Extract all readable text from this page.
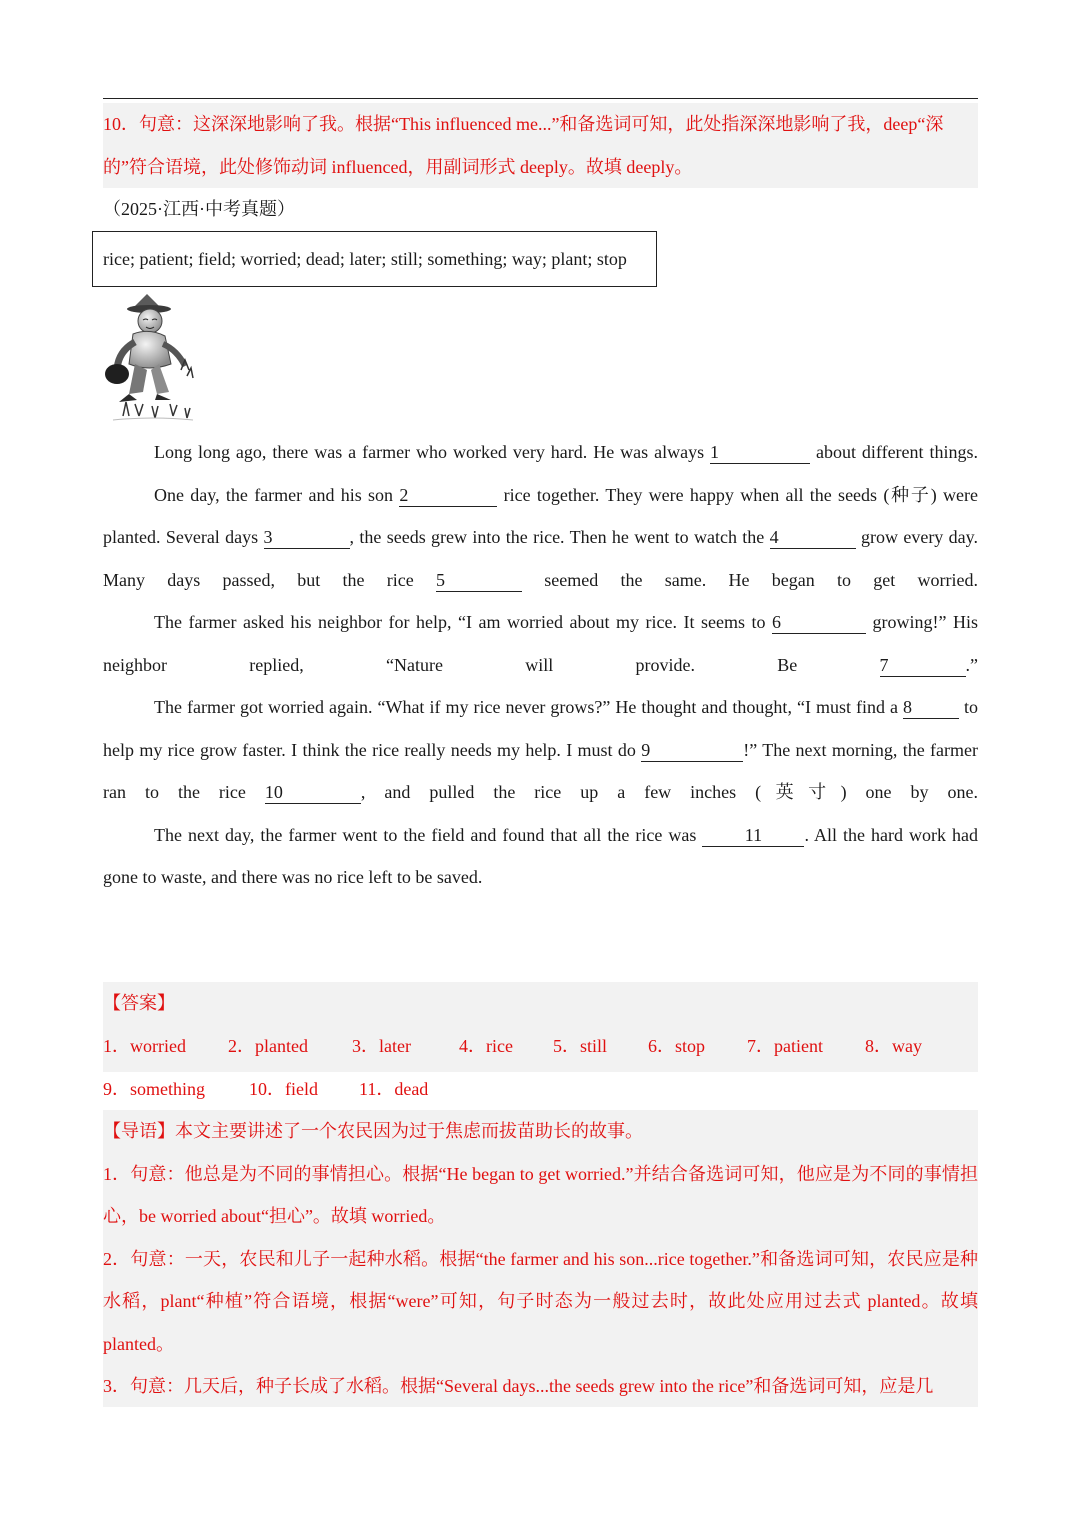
10．句意：这深深地影响了我。根据“This influenced me...”和备选词可知，此处指深深地影响了我，deep“深

的”符合语境，此处修饰动词 influenced，用副词形式 deeply。故填 deeply。

（2025·江西·中考真题）
rice; patient; field; worried; dead; later; still; something; way; plant; stop

Long long ago, there was a farmer who worked very hard. He was always 1	about different things.

One day, the farmer and his son 2	rice together. They were happy when all the seeds (种子) were planted. Several days 3	, the seeds grew into the rice. Then he went to watch the 4	grow every day. Many days passed, but the rice 5	seemed the same. He began to get worried.

The farmer asked his neighbor for help, “I am worried about my rice. It seems to 6	growing!” His neighbor replied, “Nature will provide. Be 7	.”

The farmer got worried again. “What if my rice never grows?” He thought and thought, “I must find a 8	to help my rice grow faster. I think the rice really needs my help. I must do 9	!” The next morning, the farmer ran to the rice 10	, and pulled the rice up a few inches (英寸) one by one.

The next day, the farmer went to the field and found that all the rice was 11 . All the hard work had gone to waste, and there was no rice left to be saved.

【答案】

1．worried	2．planted	3．later	4．rice	5．still	6．stop	7．patient	8．way
9．something	10．field	11．dead

【导语】本文主要讲述了一个农民因为过于焦虑而拔苗助长的故事。

1．句意：他总是为不同的事情担心。根据“He began to get worried.”并结合备选词可知，他应是为不同的事情担心，be worried about“担心”。故填 worried。

2．句意：一天，农民和儿子一起种水稻。根据“the farmer and his son...rice together.”和备选词可知，农民应是种水稻，plant“种植”符合语境，根据“were”可知，句子时态为一般过去时，故此处应用过去式 planted。故填 planted。

3．句意：几天后，种子长成了水稻。根据“Several days...the seeds grew into the rice”和备选词可知，应是几
